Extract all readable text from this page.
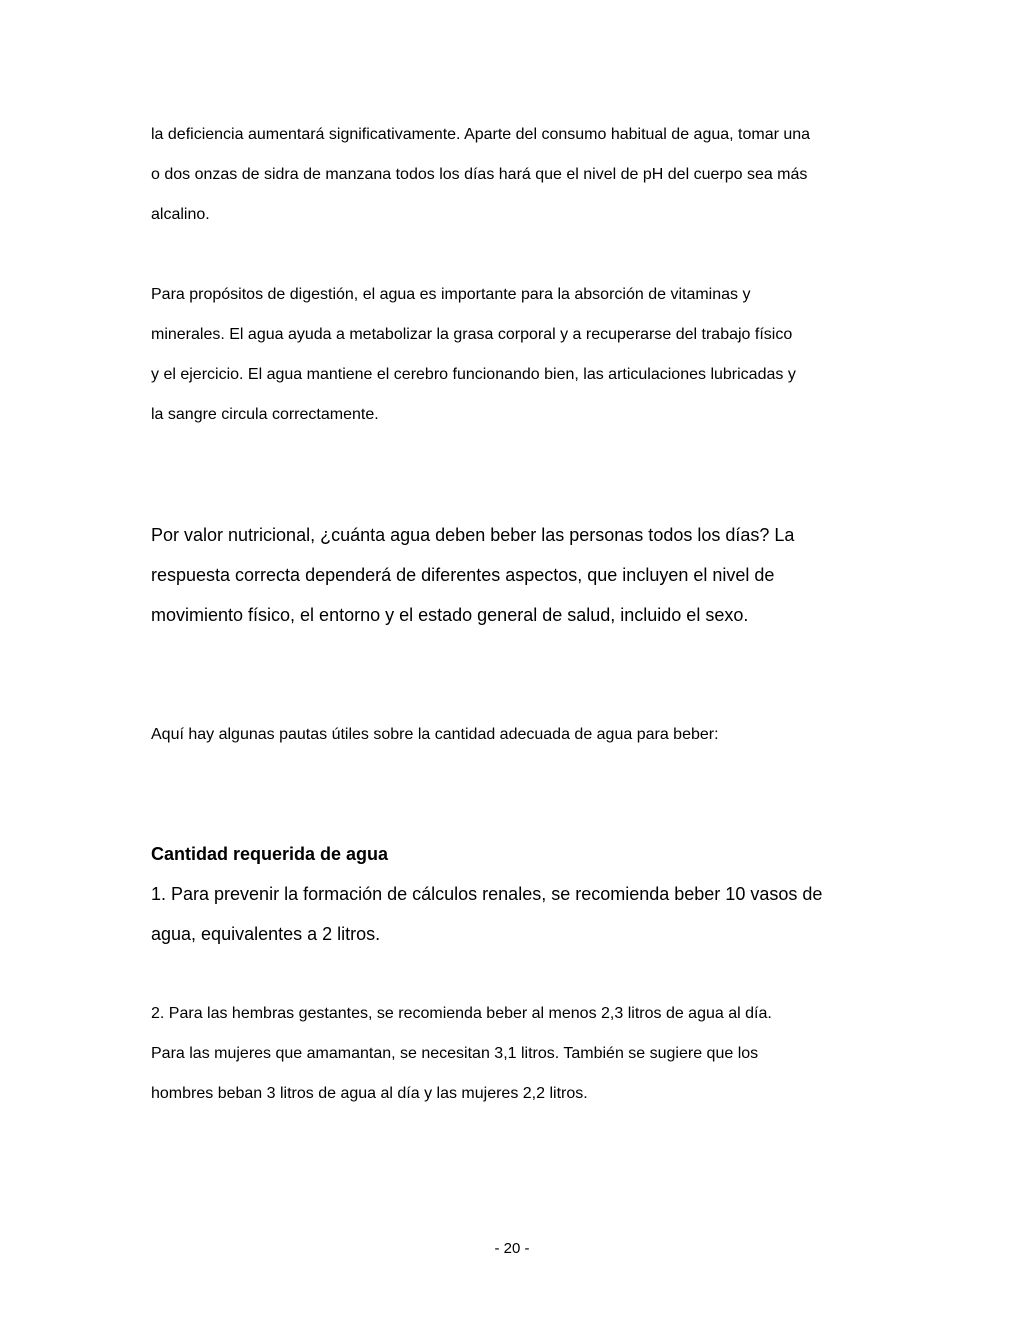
la deficiencia aumentará significativamente. Aparte del consumo habitual de agua, tomar una
o dos onzas de sidra de manzana todos los días hará que el nivel de pH del cuerpo sea más
alcalino.
Para propósitos de digestión, el agua es importante para la absorción de vitaminas y
minerales. El agua ayuda a metabolizar la grasa corporal y a recuperarse del trabajo físico
y el ejercicio. El agua mantiene el cerebro funcionando bien, las articulaciones lubricadas y
la sangre circula correctamente.
Por valor nutricional, ¿cuánta agua deben beber las personas todos los días? La
respuesta correcta dependerá de diferentes aspectos, que incluyen el nivel de
movimiento físico, el entorno y el estado general de salud, incluido el sexo.
Aquí hay algunas pautas útiles sobre la cantidad adecuada de agua para beber:
Cantidad requerida de agua
1. Para prevenir la formación de cálculos renales, se recomienda beber 10 vasos de
agua, equivalentes a 2 litros.
2. Para las hembras gestantes, se recomienda beber al menos 2,3 litros de agua al día.
Para las mujeres que amamantan, se necesitan 3,1 litros. También se sugiere que los
hombres beban 3 litros de agua al día y las mujeres 2,2 litros.
- 20 -
